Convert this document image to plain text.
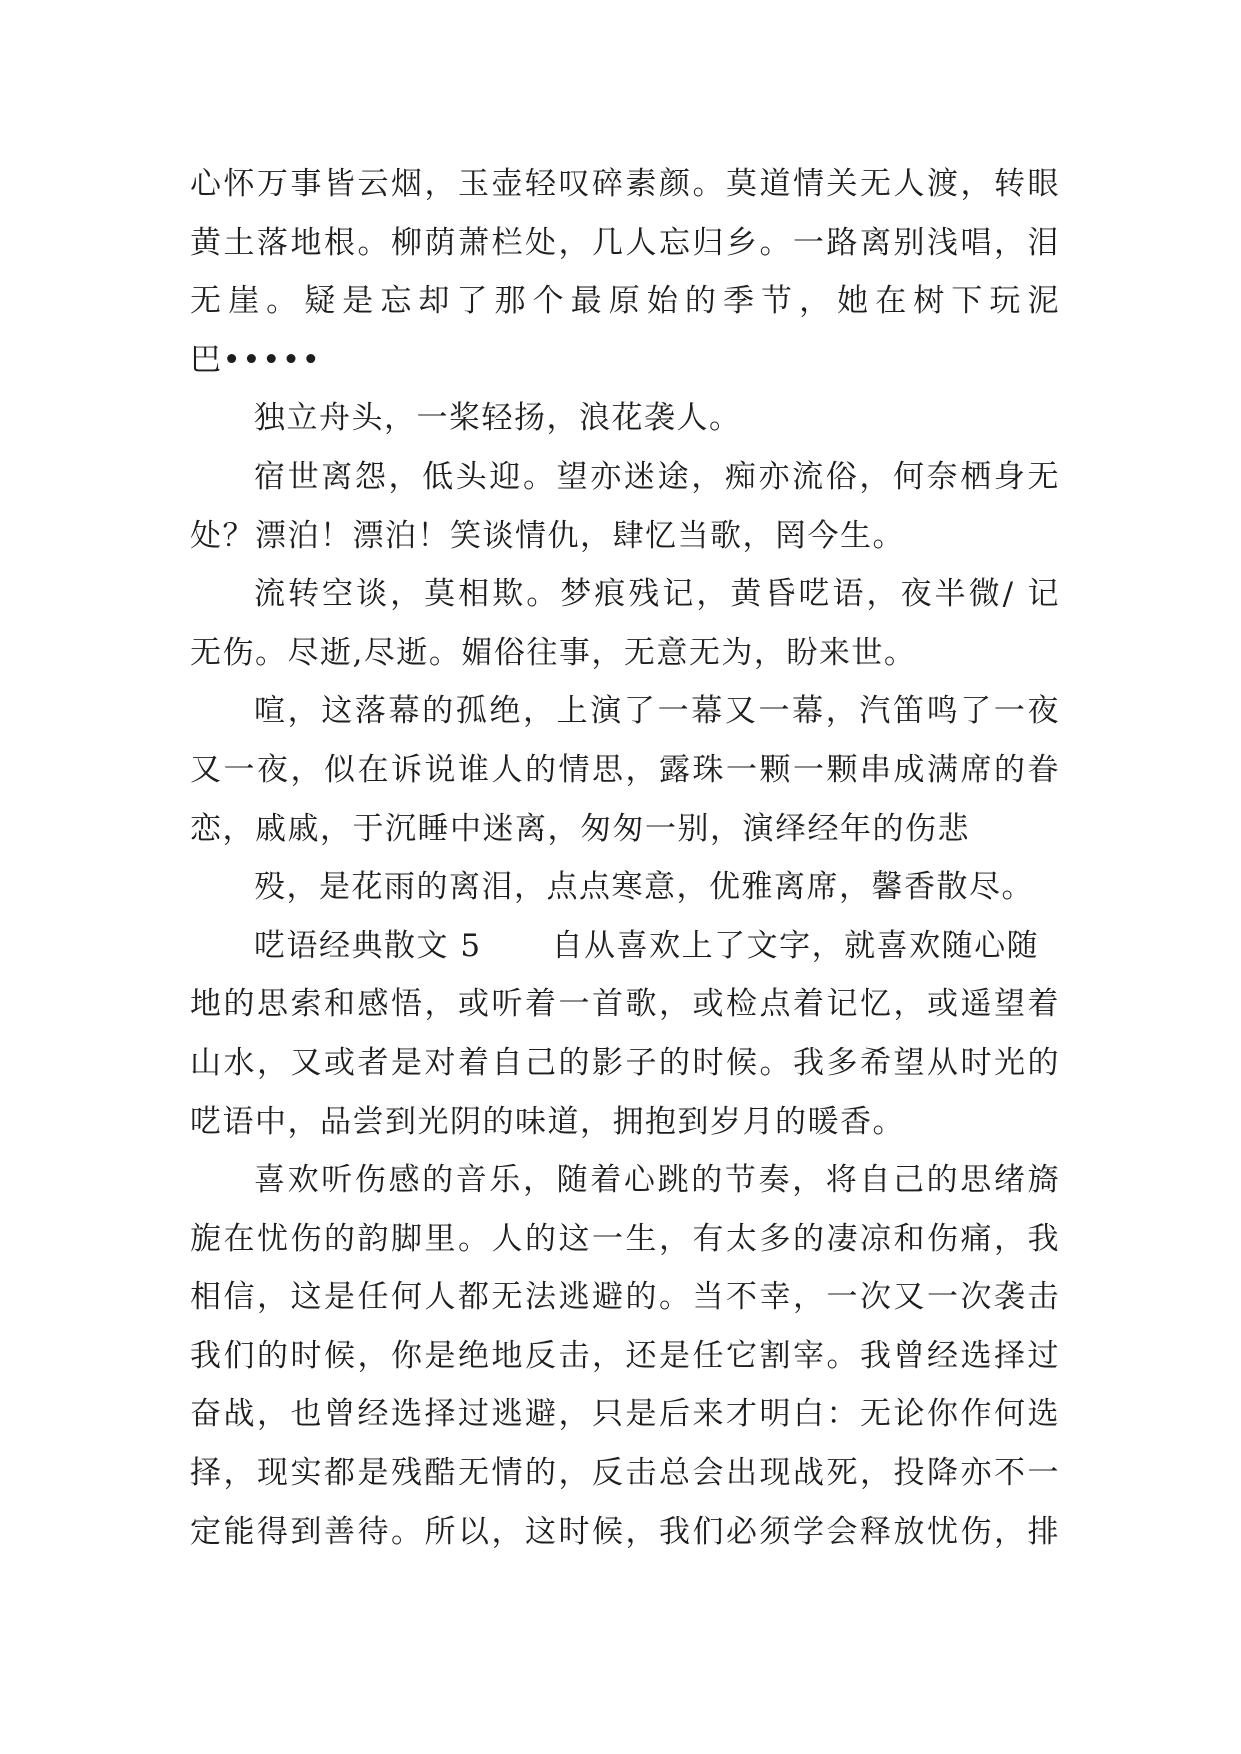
心怀万事皆云烟，玉壶轻叹碎素颜。莫道情关无人渡，转眼
黄土落地根。柳荫萧栏处，几人忘归乡。一路离别浅唱，泪
无崖。疑是忘却了那个最原始的季节，她在树下玩泥
巴•••••

独立舟头，一桨轻扬，浪花袭人。

宿世离怨，低头迎。望亦迷途，痴亦流俗，何奈栖身无
处？漂泊！漂泊！笑谈情仇，肆忆当歌，罔今生。

流转空谈，莫相欺。梦痕残记，黄昏呓语，夜半微/ 记
无伤。尽逝,尽逝。媚俗往事，无意无为，盼来世。

喧，这落幕的孤绝，上演了一幕又一幕，汽笛鸣了一夜
又一夜，似在诉说谁人的情思，露珠一颗一颗串成满席的眷
恋，戚戚，于沉睡中迷离，匆匆一别，演绎经年的伤悲

殁，是花雨的离泪，点点寒意，优雅离席，馨香散尽。

呓语经典散文 5 自从喜欢上了文字，就喜欢随心随
地的思索和感悟，或听着一首歌，或检点着记忆，或遥望着
山水，又或者是对着自己的影子的时候。我多希望从时光的
呓语中，品尝到光阴的味道，拥抱到岁月的暖香。

喜欢听伤感的音乐，随着心跳的节奏，将自己的思绪旖
旎在忧伤的韵脚里。人的这一生，有太多的凄凉和伤痛，我
相信，这是任何人都无法逃避的。当不幸，一次又一次袭击
我们的时候，你是绝地反击，还是任它割宰。我曾经选择过
奋战，也曾经选择过逃避，只是后来才明白：无论你作何选
择，现实都是残酷无情的，反击总会出现战死，投降亦不一
定能得到善待。所以，这时候，我们必须学会释放忧伤，排
